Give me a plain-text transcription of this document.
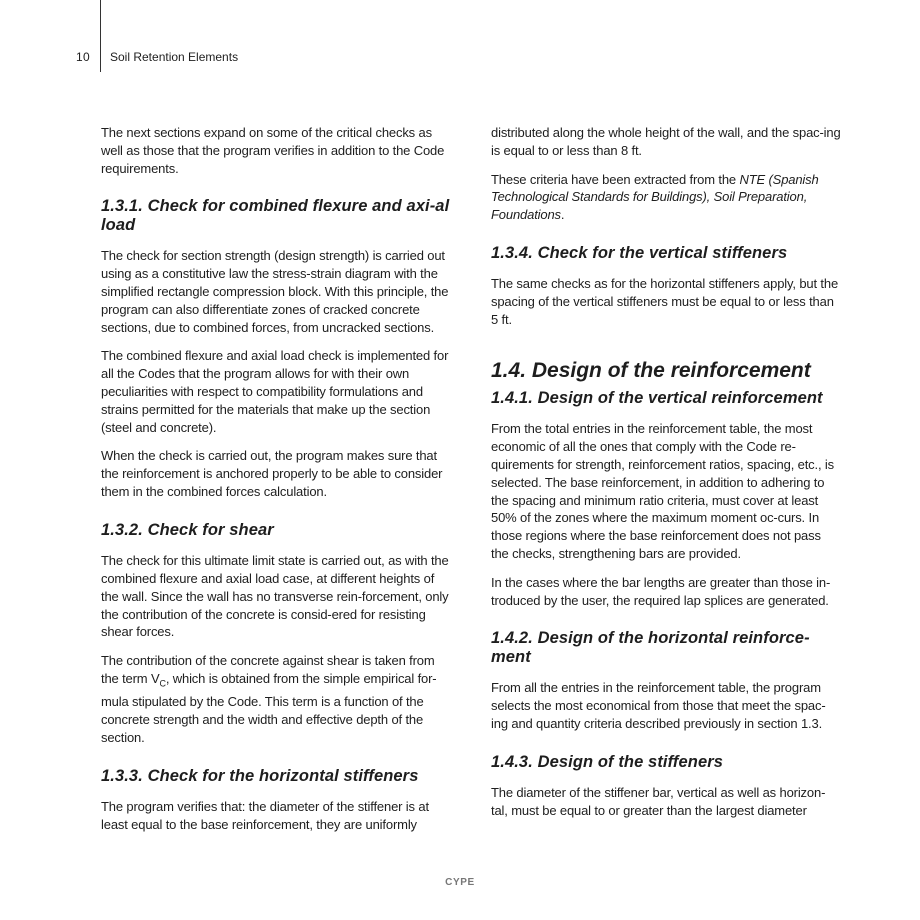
10 Soil Retention Elements

The next sections expand on some of the critical checks as well as those that the program verifies in addition to the Code requirements.

1.3.1. Check for combined flexure and axi-al load

The check for section strength (design strength) is carried out using as a constitutive law the stress-strain diagram with the simplified rectangle compression block. With this principle, the program can also differentiate zones of cracked concrete sections, due to combined forces, from uncracked sections.

The combined flexure and axial load check is implemented for all the Codes that the program allows for with their own peculiarities with respect to compatibility formulations and strains permitted for the materials that make up the section (steel and concrete).

When the check is carried out, the program makes sure that the reinforcement is anchored properly to be able to consider them in the combined forces calculation.

1.3.2. Check for shear

The check for this ultimate limit state is carried out, as with the combined flexure and axial load case, at different heights of the wall. Since the wall has no transverse rein-forcement, only the contribution of the concrete is consid-ered for resisting shear forces.

The contribution of the concrete against shear is taken from the term $V_C$, which is obtained from the simple empirical for-mula stipulated by the Code. This term is a function of the concrete strength and the width and effective depth of the section.

1.3.3. Check for the horizontal stiffeners

The program verifies that: the diameter of the stiffener is at least equal to the base reinforcement, they are uniformly

distributed along the whole height of the wall, and the spac-ing is equal to or less than 8 ft.

These criteria have been extracted from the NTE (Spanish Technological Standards for Buildings), Soil Preparation, Foundations.

1.3.4. Check for the vertical stiffeners

The same checks as for the horizontal stiffeners apply, but the spacing of the vertical stiffeners must be equal to or less than 5 ft.

1.4. Design of the reinforcement
1.4.1. Design of the vertical reinforcement

From the total entries in the reinforcement table, the most economic of all the ones that comply with the Code re-quirements for strength, reinforcement ratios, spacing, etc., is selected. The base reinforcement, in addition to adhering to the spacing and minimum ratio criteria, must cover at least 50% of the zones where the maximum moment oc-curs. In those regions where the base reinforcement does not pass the checks, strengthening bars are provided.

In the cases where the bar lengths are greater than those in-troduced by the user, the required lap splices are generated.

1.4.2. Design of the horizontal reinforce-ment

From all the entries in the reinforcement table, the program selects the most economical from those that meet the spac-ing and quantity criteria described previously in section 1.3.

1.4.3. Design of the stiffeners

The diameter of the stiffener bar, vertical as well as horizon-tal, must be equal to or greater than the largest diameter

CYPE
